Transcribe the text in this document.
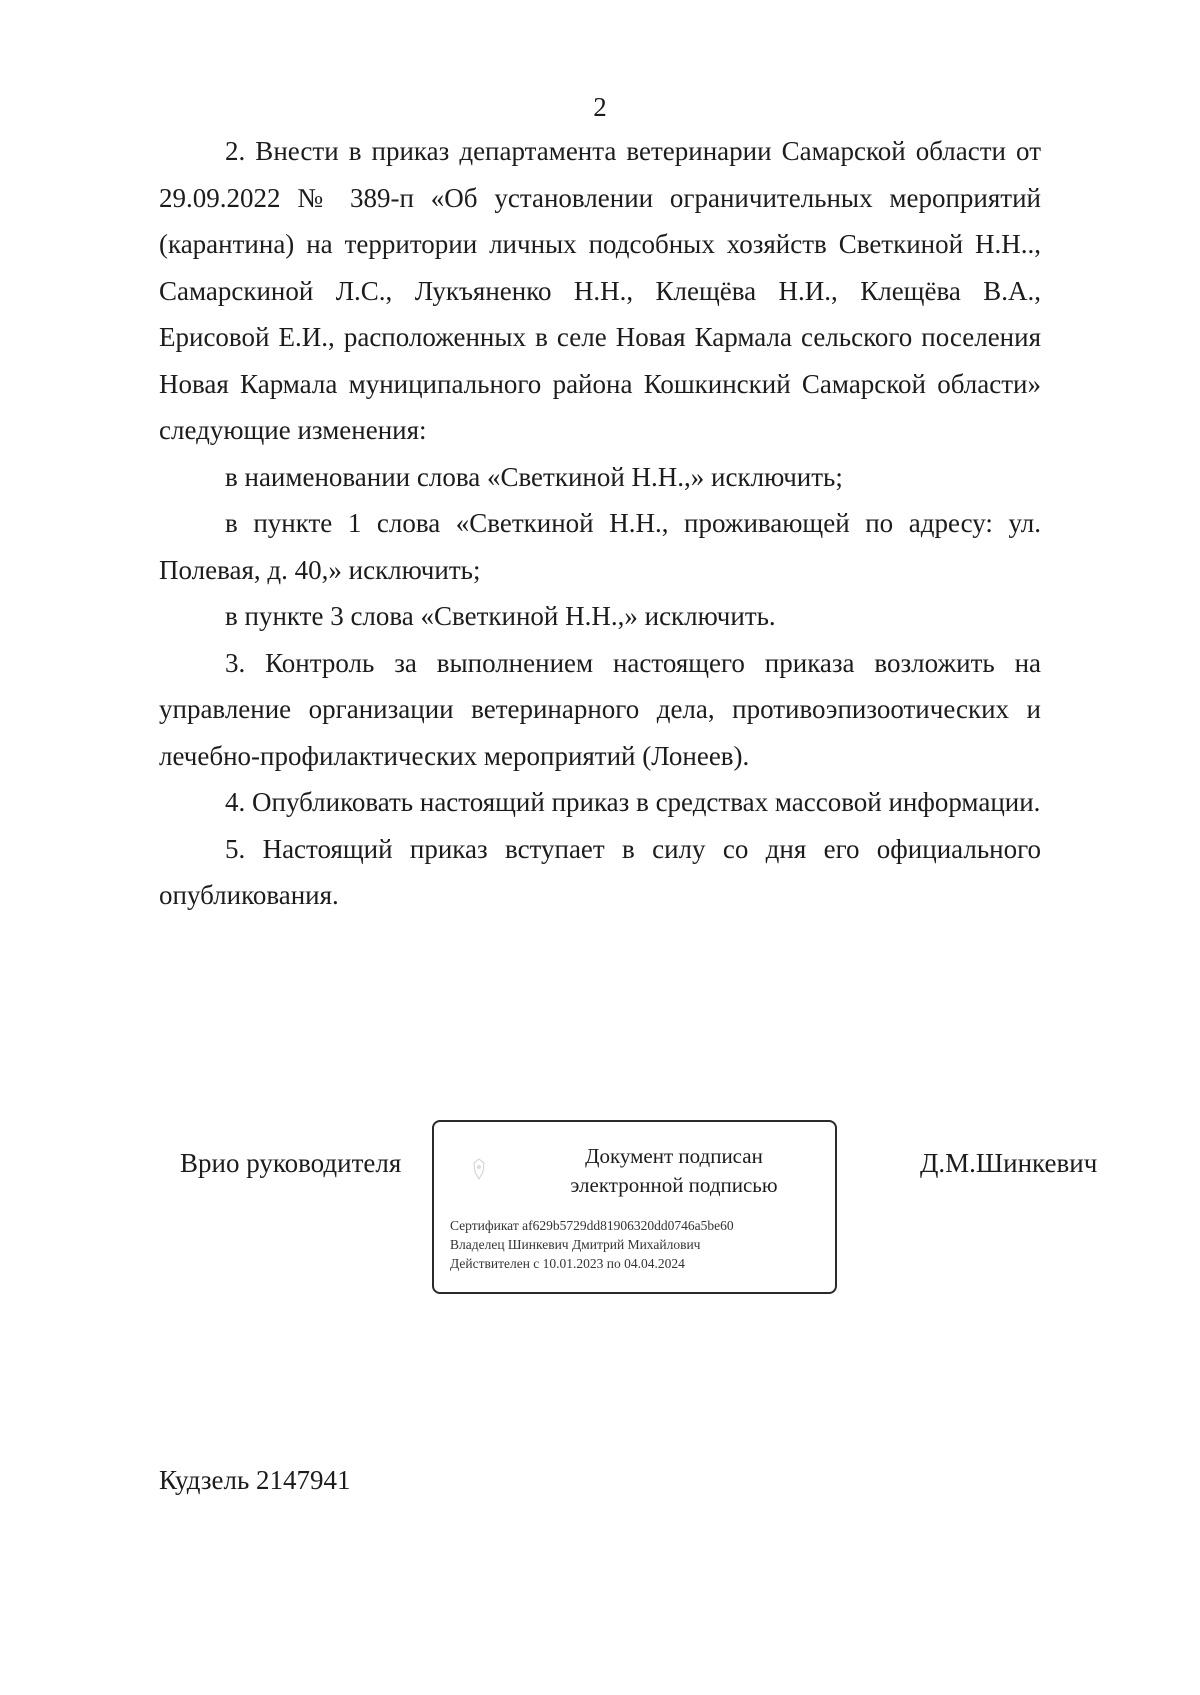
2

2. Внести в приказ департамента ветеринарии Самарской области от 29.09.2022 № 389-п «Об установлении ограничительных мероприятий (карантина) на территории личных подсобных хозяйств Светкиной Н.Н.., Самарскиной Л.С., Лукъяненко Н.Н., Клещёва Н.И., Клещёва В.А., Ерисовой Е.И., расположенных в селе Новая Кармала сельского поселения Новая Кармала муниципального района Кошкинский Самарской области» следующие изменения:

в наименовании слова «Светкиной Н.Н.,» исключить;

в пункте 1 слова «Светкиной Н.Н., проживающей по адресу: ул. Полевая, д. 40,» исключить;

в пункте 3 слова «Светкиной Н.Н.,» исключить.

3. Контроль за выполнением настоящего приказа возложить на управление организации ветеринарного дела, противоэпизоотических и лечебно-профилактических мероприятий (Лонеев).

4. Опубликовать настоящий приказ в средствах массовой информации.

5. Настоящий приказ вступает в силу со дня его официального опубликования.

Врио руководителя	Документ подписан
электронной подписью
Сертификат af629b5729dd81906320dd0746a5be60
Владелец Шинкевич Дмитрий Михайлович
Действителен с 10.01.2023 по 04.04.2024
Д.М.Шинкевич
Кудзель 2147941
